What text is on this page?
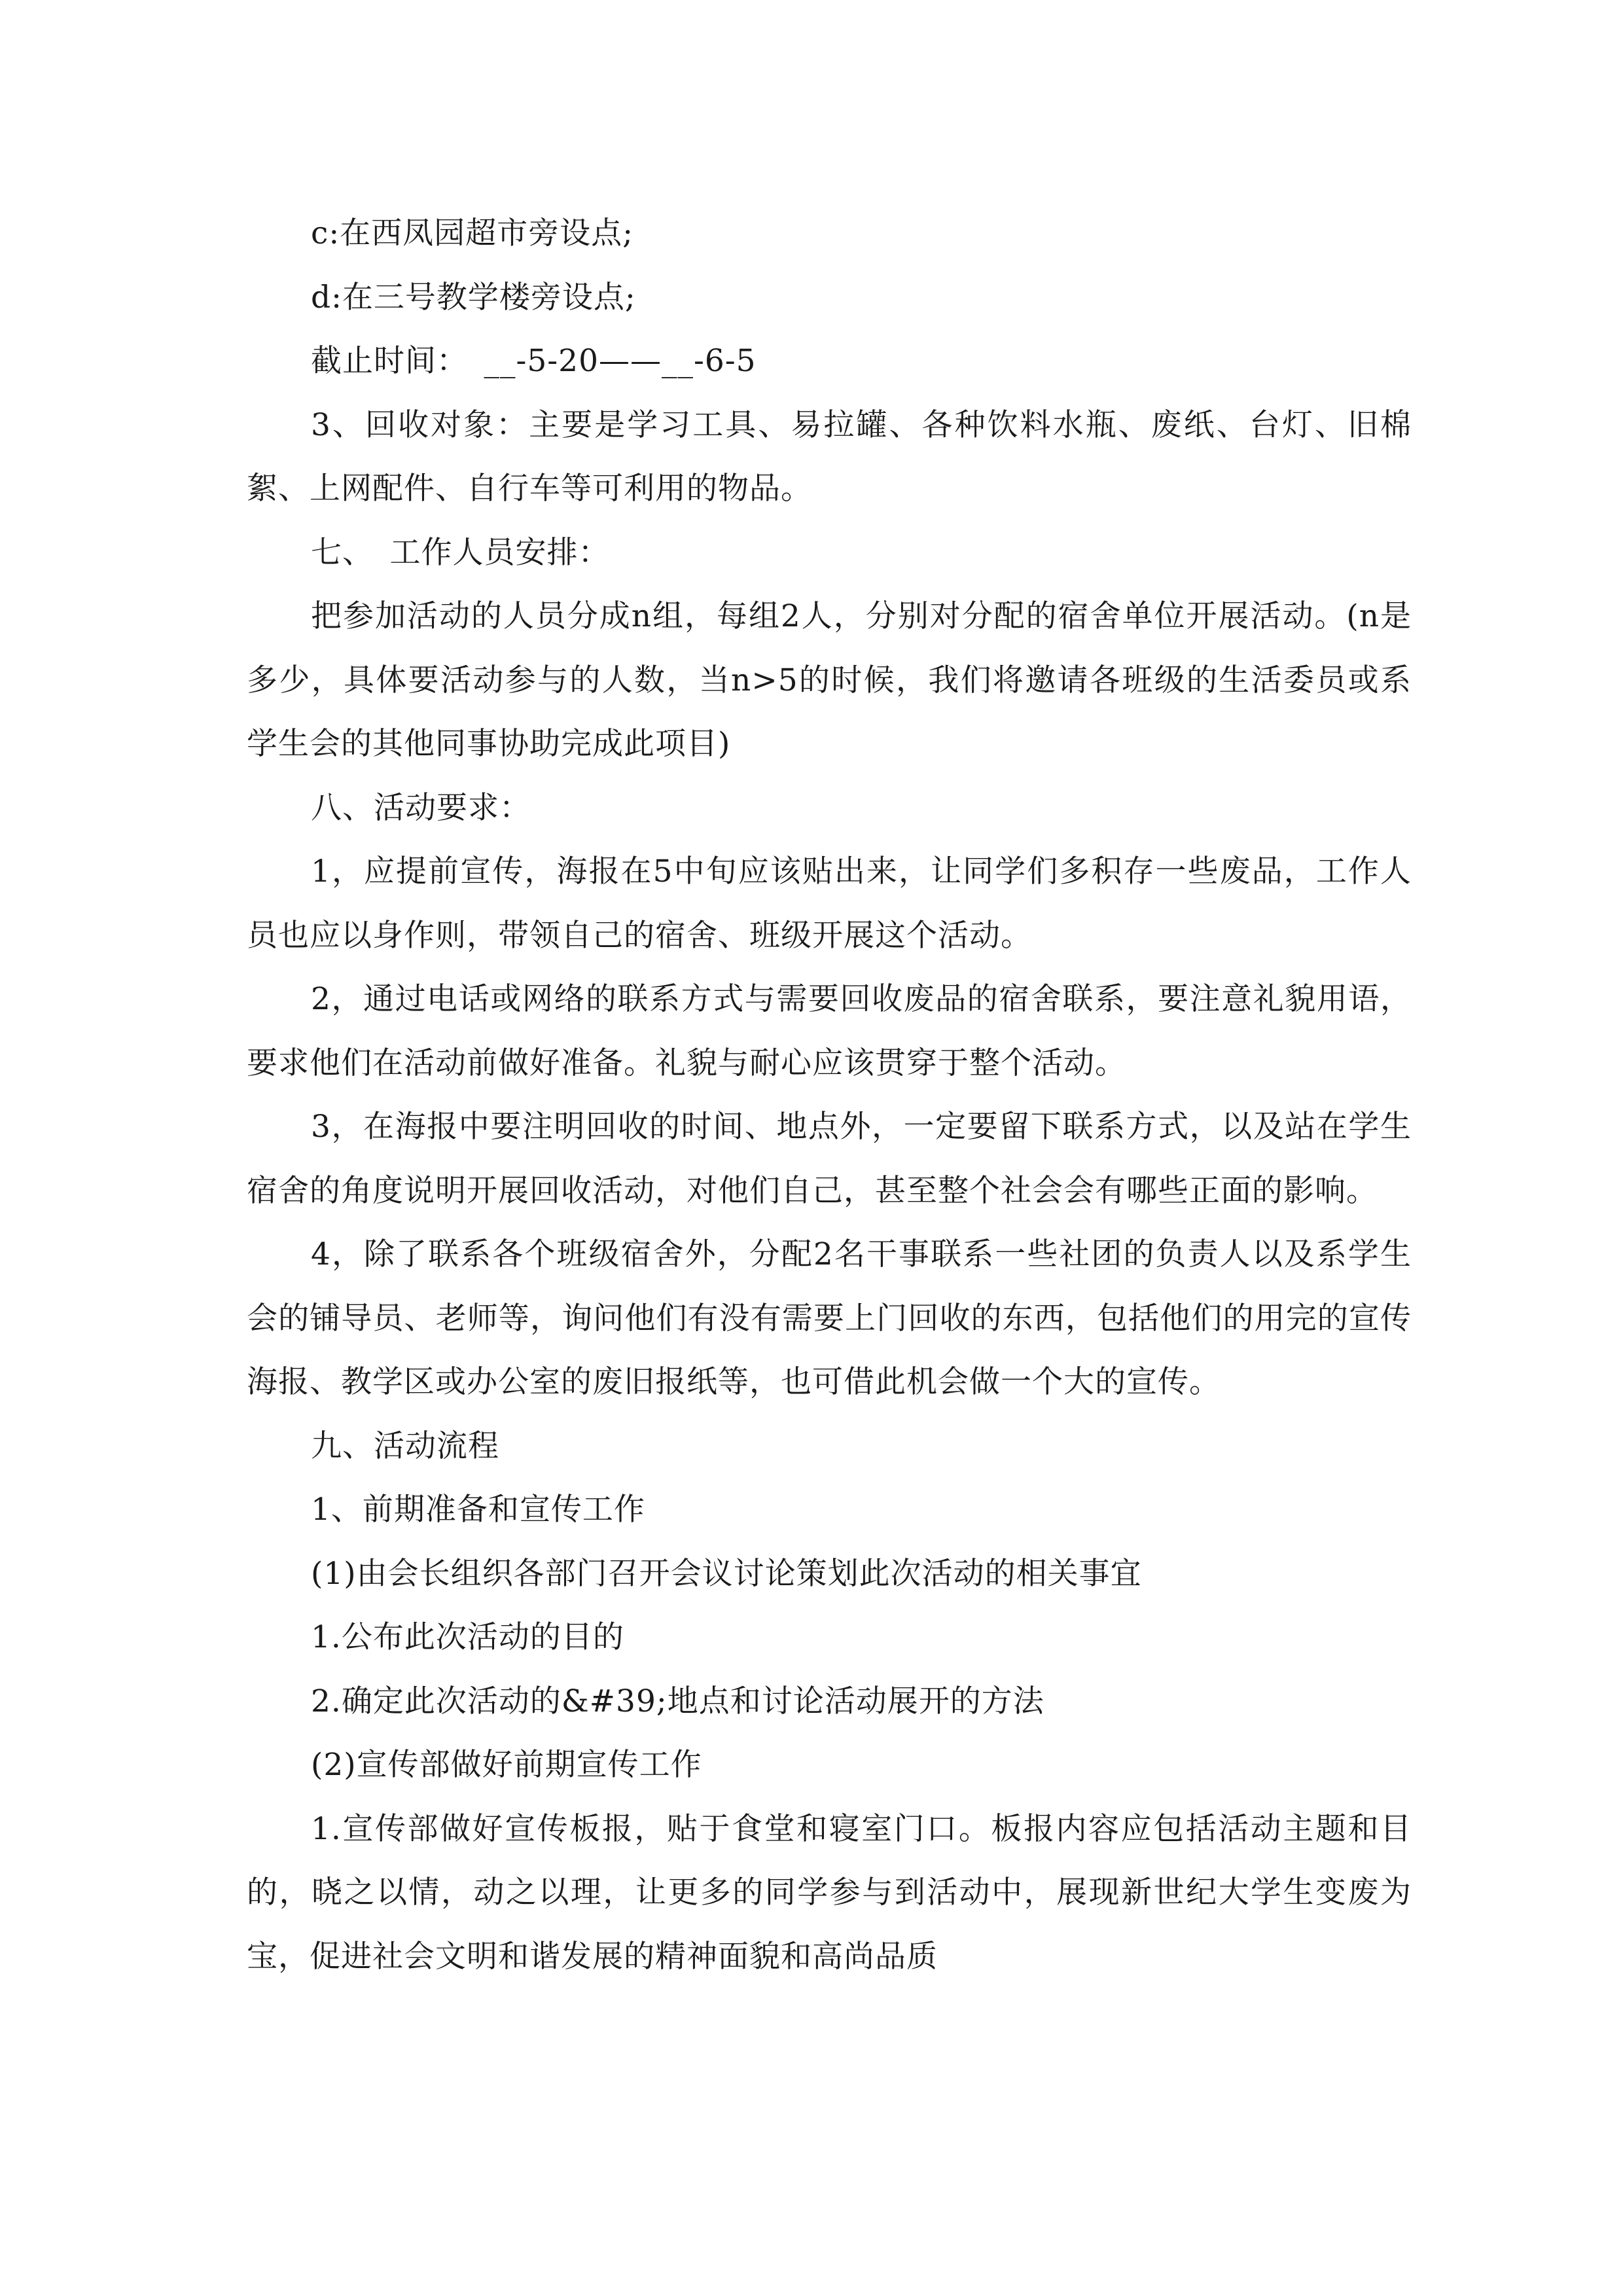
c:在西凤园超市旁设点;

d:在三号教学楼旁设点;

截止时间：　__-5-20——__-6-5

3、回收对象：主要是学习工具、易拉罐、各种饮料水瓶、废纸、台灯、旧棉絮、上网配件、自行车等可利用的物品。

七、　工作人员安排：

把参加活动的人员分成n组，每组2人，分别对分配的宿舍单位开展活动。(n是多少，具体要活动参与的人数，当n>5的时候，我们将邀请各班级的生活委员或系学生会的其他同事协助完成此项目)

八、活动要求：

1，应提前宣传，海报在5中旬应该贴出来，让同学们多积存一些废品，工作人员也应以身作则，带领自己的宿舍、班级开展这个活动。

2，通过电话或网络的联系方式与需要回收废品的宿舍联系，要注意礼貌用语，要求他们在活动前做好准备。礼貌与耐心应该贯穿于整个活动。

3，在海报中要注明回收的时间、地点外，一定要留下联系方式，以及站在学生宿舍的角度说明开展回收活动，对他们自己，甚至整个社会会有哪些正面的影响。

4，除了联系各个班级宿舍外，分配2名干事联系一些社团的负责人以及系学生会的铺导员、老师等，询问他们有没有需要上门回收的东西，包括他们的用完的宣传海报、教学区或办公室的废旧报纸等，也可借此机会做一个大的宣传。

九、活动流程

1、前期准备和宣传工作

(1)由会长组织各部门召开会议讨论策划此次活动的相关事宜

1.公布此次活动的目的

2.确定此次活动的&#39;地点和讨论活动展开的方法

(2)宣传部做好前期宣传工作

1.宣传部做好宣传板报，贴于食堂和寝室门口。板报内容应包括活动主题和目的，晓之以情，动之以理，让更多的同学参与到活动中，展现新世纪大学生变废为宝，促进社会文明和谐发展的精神面貌和高尚品质
